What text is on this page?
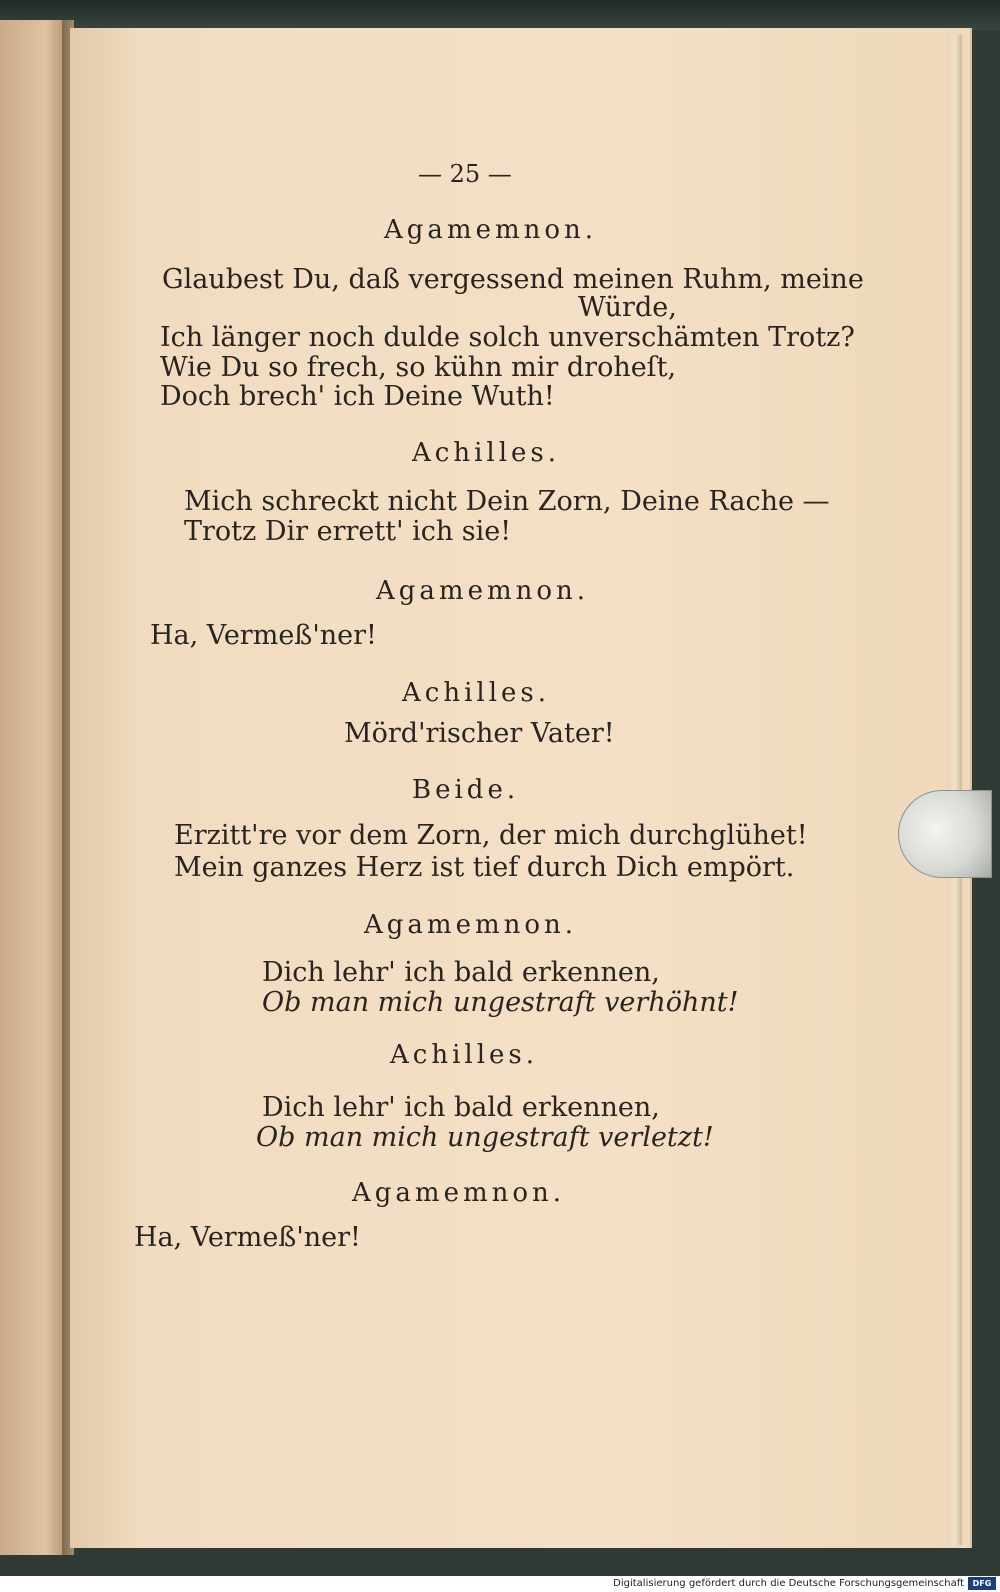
— 25 —
Agamemnon.
Glaubest Du, daß vergessend meinen Ruhm, meine
Würde,
Ich länger noch dulde solch unverschämten Trotz?
Wie Du so frech, so kühn mir droheſt,
Doch brech' ich Deine Wuth!
Achilles.
Mich schreckt nicht Dein Zorn, Deine Rache —
Trotz Dir errett' ich sie!
Agamemnon.
Ha, Vermeß'ner!
Achilles.
Mörd'rischer Vater!
Beide.
Erzitt're vor dem Zorn, der mich durchglühet!
Mein ganzes Herz ist tief durch Dich empört.
Agamemnon.
Dich lehr' ich bald erkennen,
Ob man mich ungestraft verhöhnt!
Achilles.
Dich lehr' ich bald erkennen,
Ob man mich ungestraft verletzt!
Agamemnon.
Ha, Vermeß'ner!
Digitalisierung gefördert durch die Deutsche Forschungsgemeinschaft	DFG
